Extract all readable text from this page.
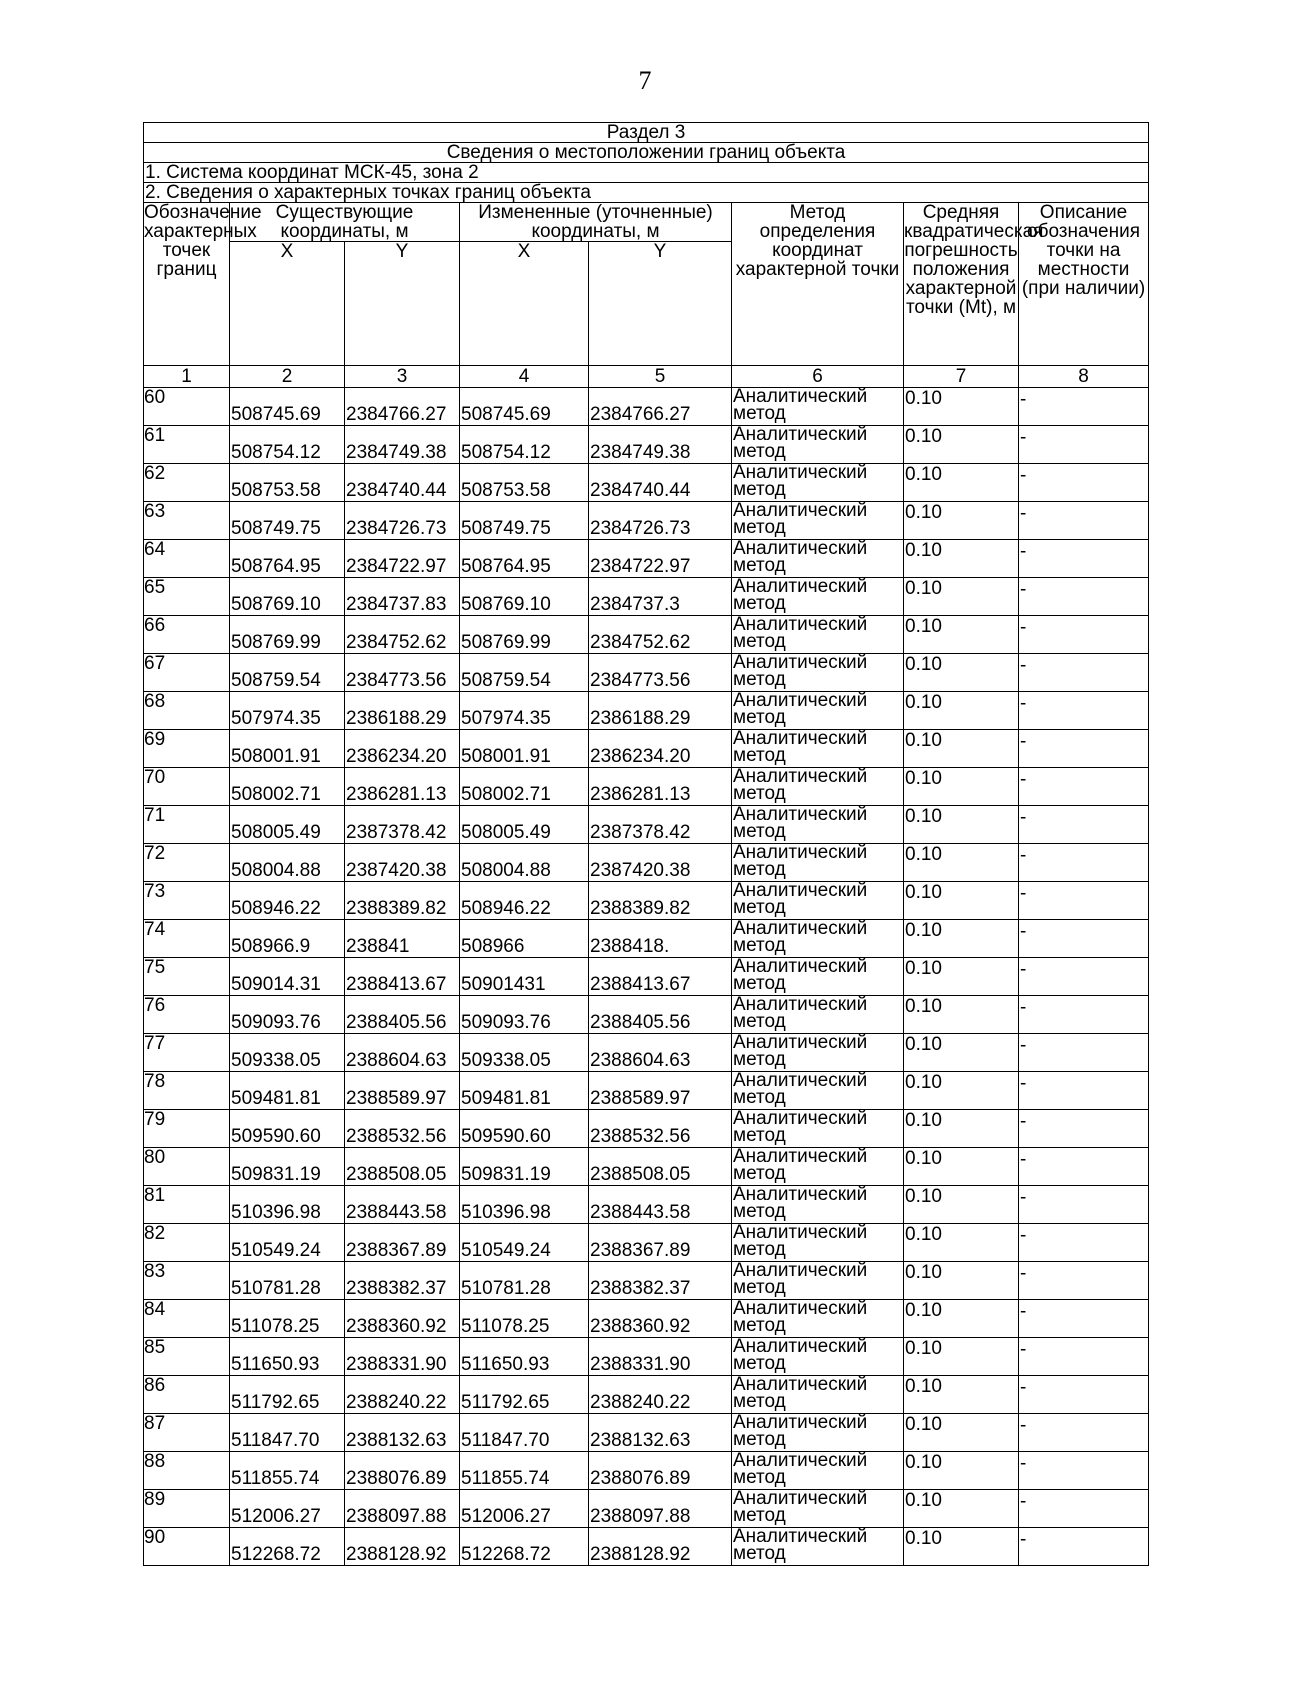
7
Раздел 3							
Сведения о местоположении границ объекта							
1. Система координат МСК-45, зона 2							
2. Сведения о характерных точках границ объекта							
Обозначение характерных точек границ	Существующие координаты, м		Измененные (уточненные) координаты, м		Метод определения координат характерной точки	Средняя квадратическая погрешность положения характерной точки (Mt), м	Описание обозначения точки на местности (при наличии)
	X	Y	X	Y			
1	2	3	4	5	6	7	8
60	508745.69	2384766.27	508745.69	2384766.27	Аналитический метод	0.10	-
61	508754.12	2384749.38	508754.12	2384749.38	Аналитический метод	0.10	-
62	508753.58	2384740.44	508753.58	2384740.44	Аналитический метод	0.10	-
63	508749.75	2384726.73	508749.75	2384726.73	Аналитический метод	0.10	-
64	508764.95	2384722.97	508764.95	2384722.97	Аналитический метод	0.10	-
65	508769.10	2384737.83	508769.10	2384737.3	Аналитический метод	0.10	-
66	508769.99	2384752.62	508769.99	2384752.62	Аналитический метод	0.10	-
67	508759.54	2384773.56	508759.54	2384773.56	Аналитический метод	0.10	-
68	507974.35	2386188.29	507974.35	2386188.29	Аналитический метод	0.10	-
69	508001.91	2386234.20	508001.91	2386234.20	Аналитический метод	0.10	-
70	508002.71	2386281.13	508002.71	2386281.13	Аналитический метод	0.10	-
71	508005.49	2387378.42	508005.49	2387378.42	Аналитический метод	0.10	-
72	508004.88	2387420.38	508004.88	2387420.38	Аналитический метод	0.10	-
73	508946.22	2388389.82	508946.22	2388389.82	Аналитический метод	0.10	-
74	508966.9	238841	508966	2388418.	Аналитический метод	0.10	-
75	509014.31	2388413.67	50901431	2388413.67	Аналитический метод	0.10	-
76	509093.76	2388405.56	509093.76	2388405.56	Аналитический метод	0.10	-
77	509338.05	2388604.63	509338.05	2388604.63	Аналитический метод	0.10	-
78	509481.81	2388589.97	509481.81	2388589.97	Аналитический метод	0.10	-
79	509590.60	2388532.56	509590.60	2388532.56	Аналитический метод	0.10	-
80	509831.19	2388508.05	509831.19	2388508.05	Аналитический метод	0.10	-
81	510396.98	2388443.58	510396.98	2388443.58	Аналитический метод	0.10	-
82	510549.24	2388367.89	510549.24	2388367.89	Аналитический метод	0.10	-
83	510781.28	2388382.37	510781.28	2388382.37	Аналитический метод	0.10	-
84	511078.25	2388360.92	511078.25	2388360.92	Аналитический метод	0.10	-
85	511650.93	2388331.90	511650.93	2388331.90	Аналитический метод	0.10	-
86	511792.65	2388240.22	511792.65	2388240.22	Аналитический метод	0.10	-
87	511847.70	2388132.63	511847.70	2388132.63	Аналитический метод	0.10	-
88	511855.74	2388076.89	511855.74	2388076.89	Аналитический метод	0.10	-
89	512006.27	2388097.88	512006.27	2388097.88	Аналитический метод	0.10	-
90	512268.72	2388128.92	512268.72	2388128.92	Аналитический метод	0.10	-
